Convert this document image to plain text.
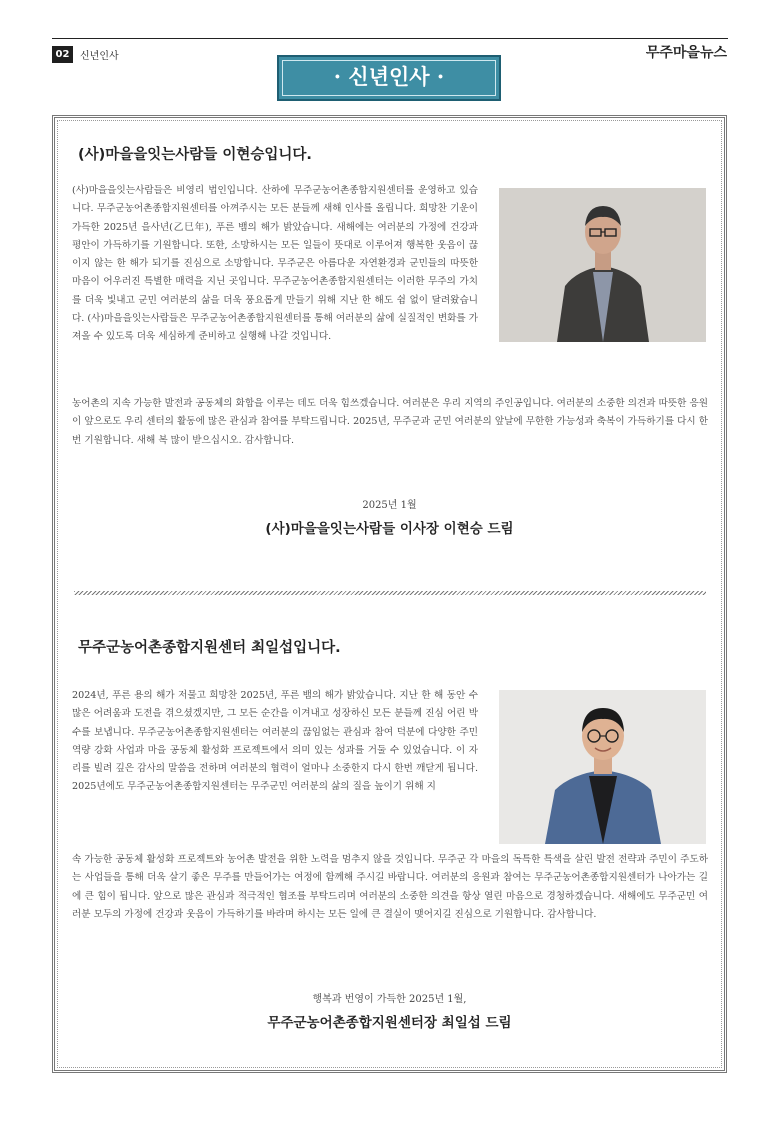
02	신년인사	무주마을뉴스
· 신년인사 ·
(사)마을을잇는사람들 이현승입니다.

(사)마을을잇는사람들은 비영리 법인입니다. 산하에 무주군농어촌종합지원센터를 운영하고 있습니다. 무주군농어촌종합지원센터를 아껴주시는 모든 분들께 새해 인사를 올립니다. 희망찬 기운이 가득한 2025년 을사년(乙巳年), 푸른 뱀의 해가 밝았습니다. 새해에는 여러분의 가정에 건강과 평안이 가득하기를 기원합니다. 또한, 소망하시는 모든 일들이 뜻대로 이루어져 행복한 웃음이 끊이지 않는 한 해가 되기를 진심으로 소망합니다. 무주군은 아름다운 자연환경과 군민들의 따뜻한 마음이 어우러진 특별한 매력을 지닌 곳입니다. 무주군농어촌종합지원센터는 이러한 무주의 가치를 더욱 빛내고 군민 여러분의 삶을 더욱 풍요롭게 만들기 위해 지난 한 해도 쉼 없이 달려왔습니다. (사)마을을잇는사람들은 무주군농어촌종합지원센터를 통해 여러분의 삶에 실질적인 변화를 가져올 수 있도록 더욱 세심하게 준비하고 실행해 나갈 것입니다.

농어촌의 지속 가능한 발전과 공동체의 화합을 이루는 데도 더욱 힘쓰겠습니다. 여러분은 우리 지역의 주인공입니다. 여러분의 소중한 의견과 따뜻한 응원이 앞으로도 우리 센터의 활동에 많은 관심과 참여를 부탁드립니다. 2025년, 무주군과 군민 여러분의 앞날에 무한한 가능성과 축복이 가득하기를 다시 한번 기원합니다. 새해 복 많이 받으십시오. 감사합니다.

2025년 1월
(사)마을을잇는사람들 이사장 이현승 드림
무주군농어촌종합지원센터 최일섭입니다.

2024년, 푸른 용의 해가 저물고 희망찬 2025년, 푸른 뱀의 해가 밝았습니다. 지난 한 해 동안 수많은 어려움과 도전을 겪으셨겠지만, 그 모든 순간을 이겨내고 성장하신 모든 분들께 진심 어린 박수를 보냅니다. 무주군농어촌종합지원센터는 여러분의 끊임없는 관심과 참여 덕분에 다양한 주민역량 강화 사업과 마을 공동체 활성화 프로젝트에서 의미 있는 성과를 거둘 수 있었습니다. 이 자리를 빌려 깊은 감사의 말씀을 전하며 여러분의 협력이 얼마나 소중한지 다시 한번 깨닫게 됩니다. 2025년에도 무주군농어촌종합지원센터는 무주군민 여러분의 삶의 질을 높이기 위해 지

속 가능한 공동체 활성화 프로젝트와 농어촌 발전을 위한 노력을 멈추지 않을 것입니다. 무주군 각 마을의 독특한 특색을 살린 발전 전략과 주민이 주도하는 사업들을 통해 더욱 살기 좋은 무주를 만들어가는 여정에 함께해 주시길 바랍니다. 여러분의 응원과 참여는 무주군농어촌종합지원센터가 나아가는 길에 큰 힘이 됩니다. 앞으로 많은 관심과 적극적인 협조를 부탁드리며 여러분의 소중한 의견을 항상 열린 마음으로 경청하겠습니다. 새해에도 무주군민 여러분 모두의 가정에 건강과 웃음이 가득하기를 바라며 하시는 모든 일에 큰 결실이 맺어지길 진심으로 기원합니다. 감사합니다.

행복과 번영이 가득한 2025년 1월,
무주군농어촌종합지원센터장 최일섭 드림
